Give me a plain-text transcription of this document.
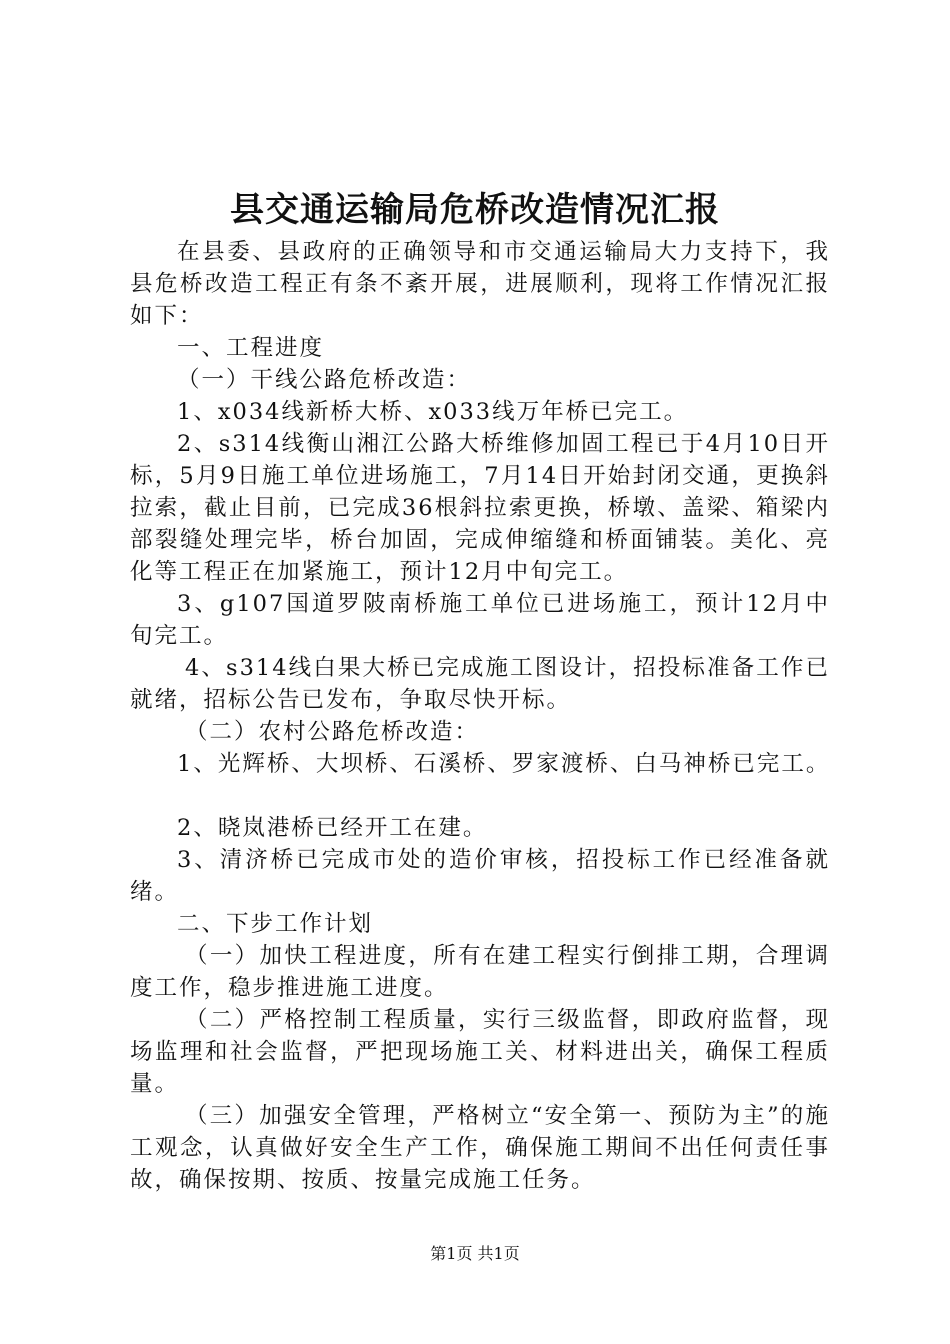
县交通运输局危桥改造情况汇报

在县委、县政府的正确领导和市交通运输局大力支持下，我县危桥改造工程正有条不紊开展，进展顺利，现将工作情况汇报如下：

一、工程进度

（一）干线公路危桥改造：

1、x034线新桥大桥、x033线万年桥已完工。

2、s314线衡山湘江公路大桥维修加固工程已于4月10日开标，5月9日施工单位进场施工，7月14日开始封闭交通，更换斜拉索，截止目前，已完成36根斜拉索更换，桥墩、盖梁、箱梁内部裂缝处理完毕，桥台加固，完成伸缩缝和桥面铺装。美化、亮化等工程正在加紧施工，预计12月中旬完工。

3、g107国道罗陂南桥施工单位已进场施工，预计12月中旬完工。

4、s314线白果大桥已完成施工图设计，招投标准备工作已就绪，招标公告已发布，争取尽快开标。

（二）农村公路危桥改造：

1、光辉桥、大坝桥、石溪桥、罗家渡桥、白马神桥已完工。

2、晓岚港桥已经开工在建。

3、清济桥已完成市处的造价审核，招投标工作已经准备就绪。

二、下步工作计划

（一）加快工程进度，所有在建工程实行倒排工期，合理调度工作，稳步推进施工进度。

（二）严格控制工程质量，实行三级监督，即政府监督，现场监理和社会监督，严把现场施工关、材料进出关，确保工程质量。

（三）加强安全管理，严格树立“安全第一、预防为主”的施工观念，认真做好安全生产工作，确保施工期间不出任何责任事故，确保按期、按质、按量完成施工任务。

第1页 共1页
